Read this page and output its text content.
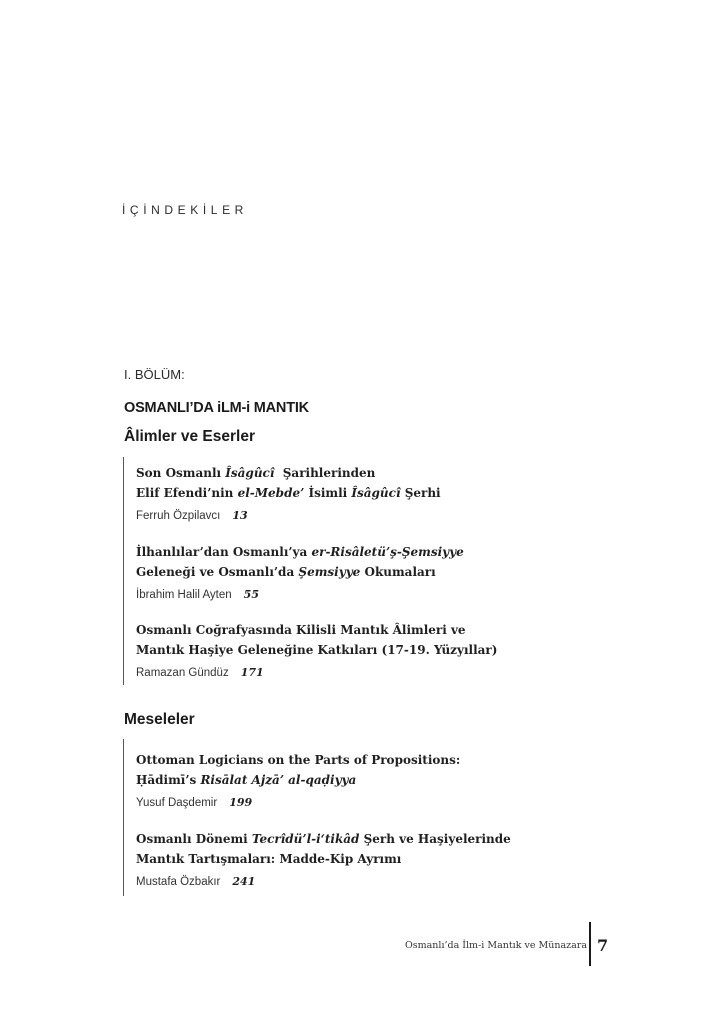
İÇİNDEKİLER
I. BÖLÜM:
OSMANLI’DA iLM-i MANTIK
Âlimler ve Eserler
Son Osmanlı Îsâgûcî  Şarihlerinden
Elif Efendi’nin el-Mebde’ İsimli Îsâgûcî Şerhi
Ferruh Özpilavcı 13
İlhanlılar’dan Osmanlı’ya er-Risâletü’ş-Şemsiyye
Geleneği ve Osmanlı’da Şemsiyye Okumaları
İbrahim Halil Ayten 55
Osmanlı Coğrafyasında Kilisli Mantık Âlimleri ve
Mantık Haşiye Geleneğine Katkıları (17-19. Yüzyıllar)
Ramazan Gündüz 171
Meseleler
Ottoman Logicians on the Parts of Propositions:
Ḥādimī’s Risālat Ajzāʼ al-qaḍiyya
Yusuf Daşdemir 199
Osmanlı Dönemi Tecrîdü’l-i‘tikâd Şerh ve Haşiyelerinde
Mantık Tartışmaları: Madde-Kip Ayrımı
Mustafa Özbakır 241
Osmanlı’da İlm-i Mantık ve Münazara 7
